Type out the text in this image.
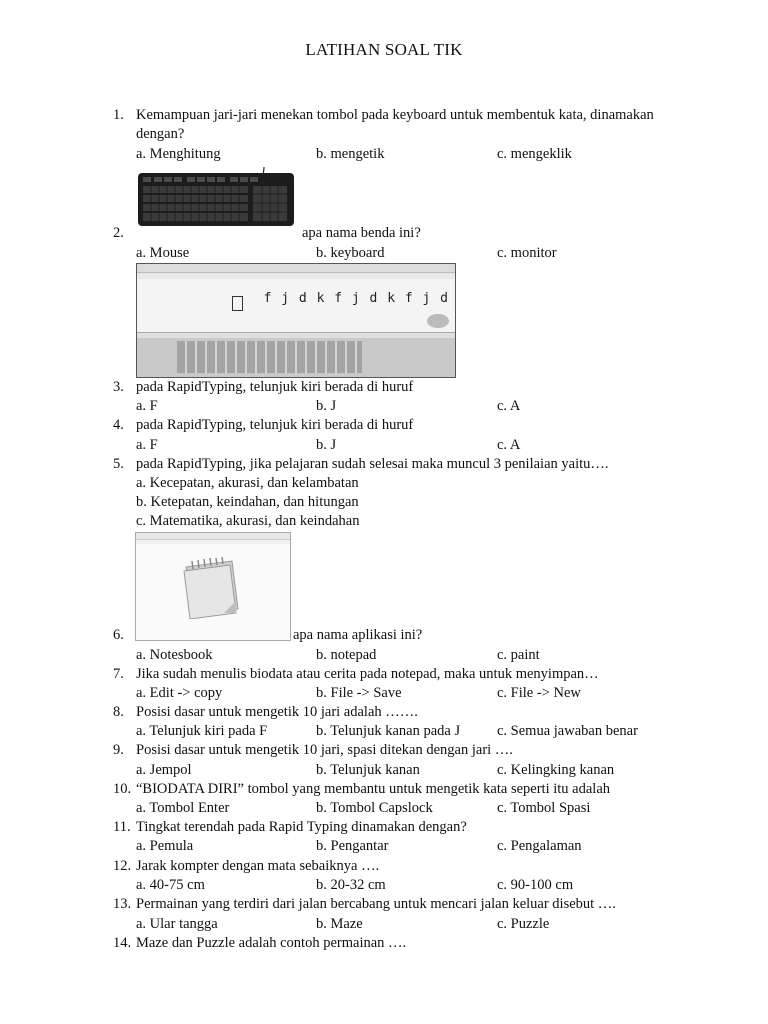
LATIHAN SOAL TIK
1. Kemampuan jari-jari menekan tombol pada keyboard untuk membentuk kata, dinamakan
dengan?
a. Menghitung	b. mengetik	c. mengeklik
2.	apa nama benda ini?
a. Mouse	b. keyboard	c. monitor
f j d k f j d k f j d
3. pada RapidTyping, telunjuk kiri berada di huruf
a. F	b. J	c. A
4. pada RapidTyping, telunjuk kiri berada di huruf
a. F	b. J	c. A
5. pada RapidTyping, jika pelajaran sudah selesai maka muncul 3 penilaian yaitu….
a. Kecepatan, akurasi, dan kelambatan
b. Ketepatan, keindahan, dan hitungan
c. Matematika, akurasi, dan keindahan
6.	apa nama aplikasi ini?
a. Notesbook	b. notepad	c. paint
7. Jika sudah menulis biodata atau cerita pada notepad, maka untuk menyimpan…
a. Edit -> copy	b. File -> Save	c. File -> New
8. Posisi dasar untuk mengetik 10 jari adalah …….
a. Telunjuk kiri pada F	b. Telunjuk kanan pada J	c. Semua jawaban benar
9. Posisi dasar untuk mengetik 10 jari, spasi ditekan dengan jari ….
a. Jempol	b. Telunjuk kanan	c. Kelingking kanan
10. “BIODATA DIRI” tombol yang membantu untuk mengetik kata seperti itu adalah
a. Tombol Enter	b. Tombol Capslock	c. Tombol Spasi
11. Tingkat terendah pada Rapid Typing dinamakan dengan?
a. Pemula	b. Pengantar	c. Pengalaman
12. Jarak kompter dengan mata sebaiknya ….
a. 40-75 cm	b. 20-32 cm	c. 90-100 cm
13. Permainan yang terdiri dari jalan bercabang untuk mencari jalan keluar disebut ….
a. Ular tangga	b. Maze	c. Puzzle
14. Maze dan Puzzle adalah contoh permainan ….
